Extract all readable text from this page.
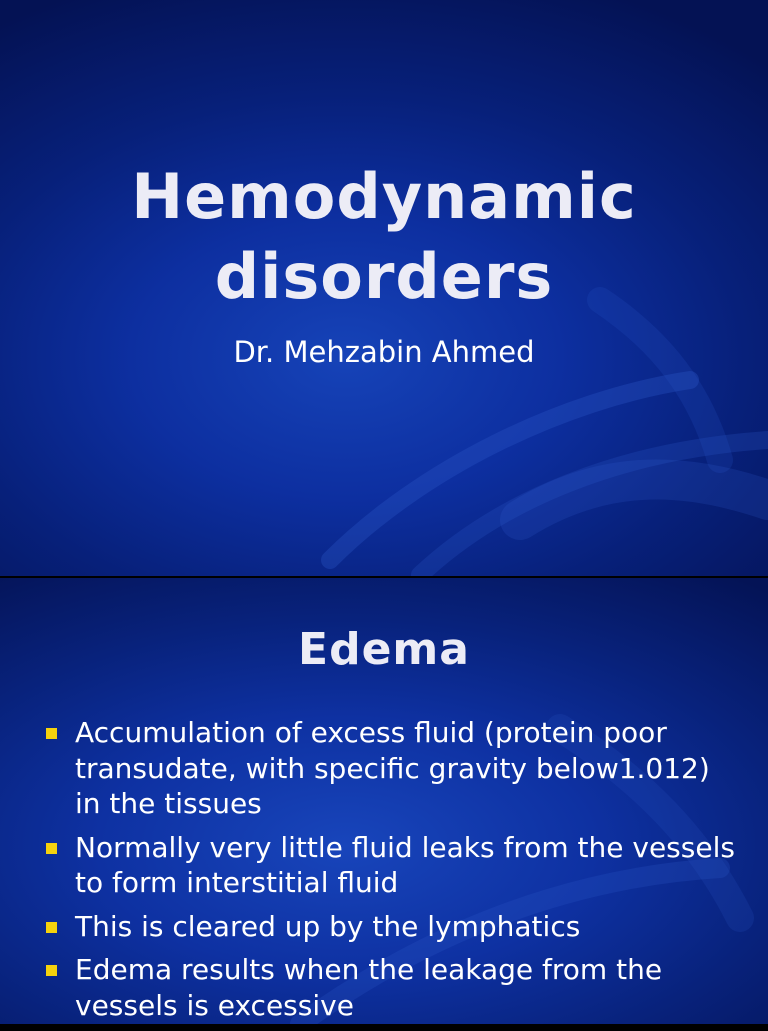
Hemodynamic
disorders

Dr. Mehzabin Ahmed

Edema
Accumulation of excess fluid (protein poor transudate, with specific gravity below1.012) in the tissues
Normally very little fluid leaks from the vessels to form interstitial fluid
This is cleared up by the lymphatics
Edema results when the leakage from the vessels is excessive
